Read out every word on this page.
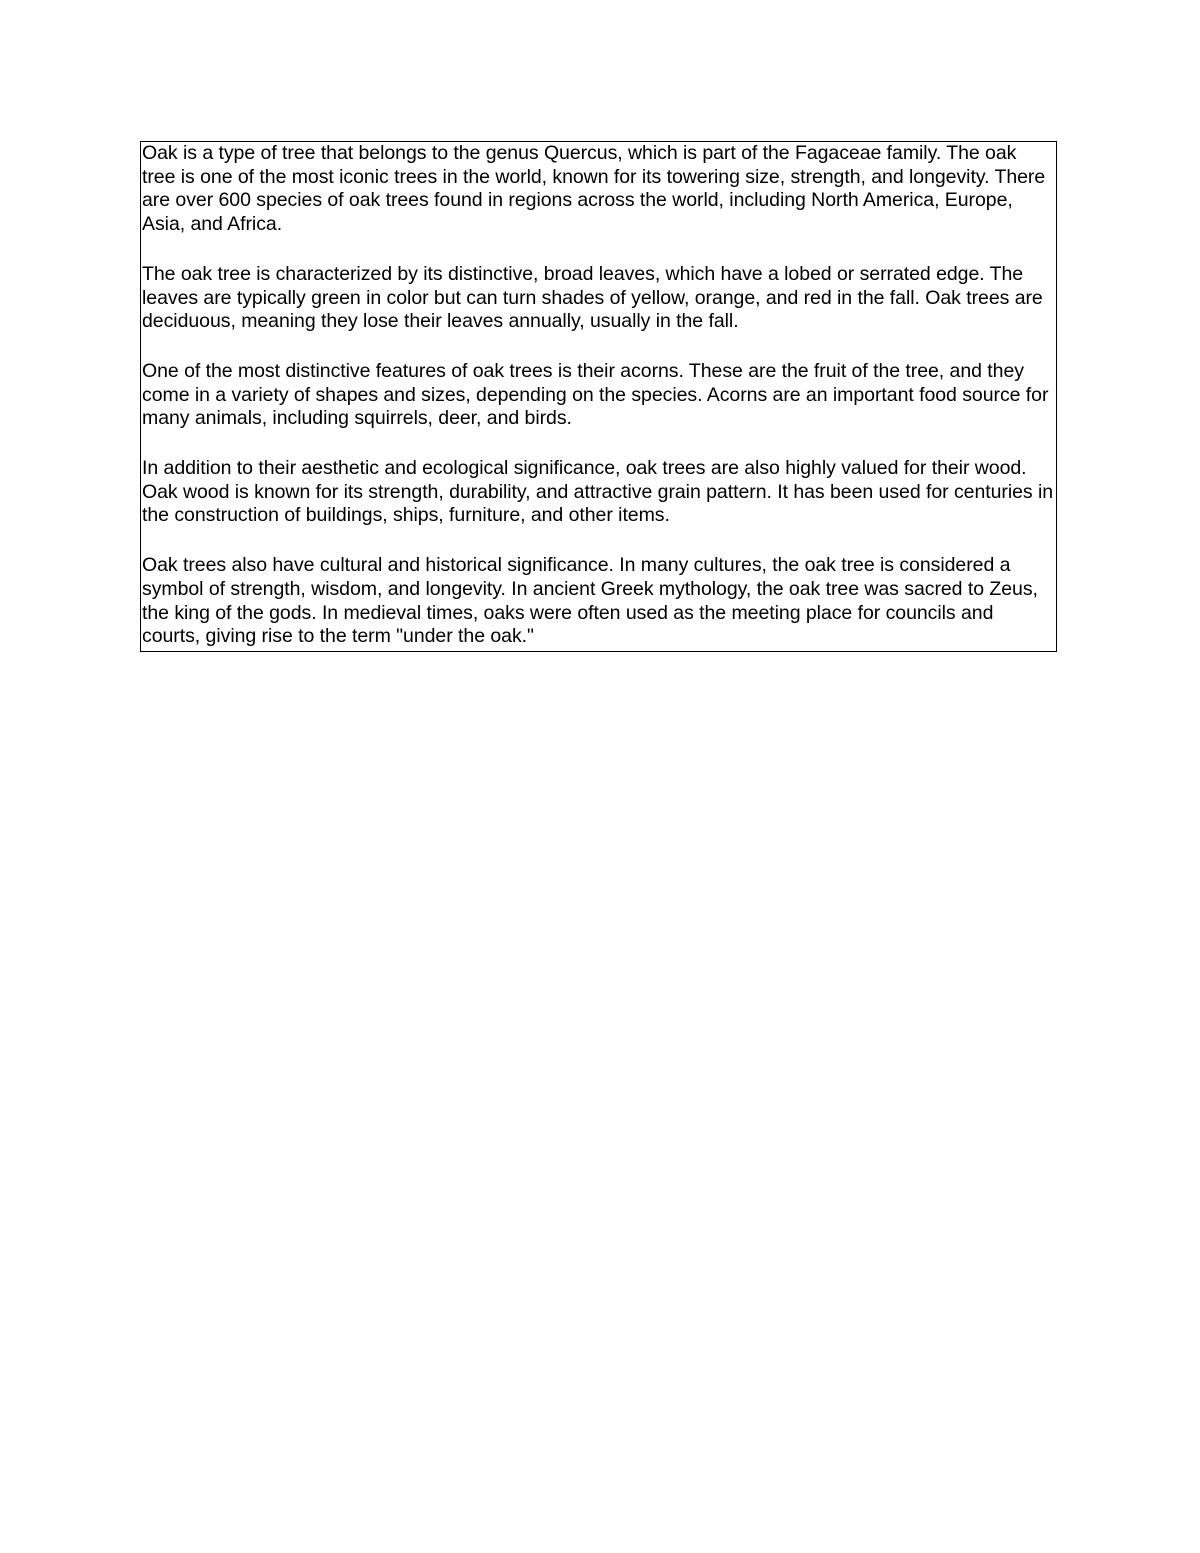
Oak is a type of tree that belongs to the genus Quercus, which is part of the Fagaceae family. The oak tree is one of the most iconic trees in the world, known for its towering size, strength, and longevity. There are over 600 species of oak trees found in regions across the world, including North America, Europe, Asia, and Africa.

The oak tree is characterized by its distinctive, broad leaves, which have a lobed or serrated edge. The leaves are typically green in color but can turn shades of yellow, orange, and red in the fall. Oak trees are deciduous, meaning they lose their leaves annually, usually in the fall.

One of the most distinctive features of oak trees is their acorns. These are the fruit of the tree, and they come in a variety of shapes and sizes, depending on the species. Acorns are an important food source for many animals, including squirrels, deer, and birds.

In addition to their aesthetic and ecological significance, oak trees are also highly valued for their wood. Oak wood is known for its strength, durability, and attractive grain pattern. It has been used for centuries in the construction of buildings, ships, furniture, and other items.

Oak trees also have cultural and historical significance. In many cultures, the oak tree is considered a symbol of strength, wisdom, and longevity. In ancient Greek mythology, the oak tree was sacred to Zeus, the king of the gods. In medieval times, oaks were often used as the meeting place for councils and courts, giving rise to the term "under the oak."
